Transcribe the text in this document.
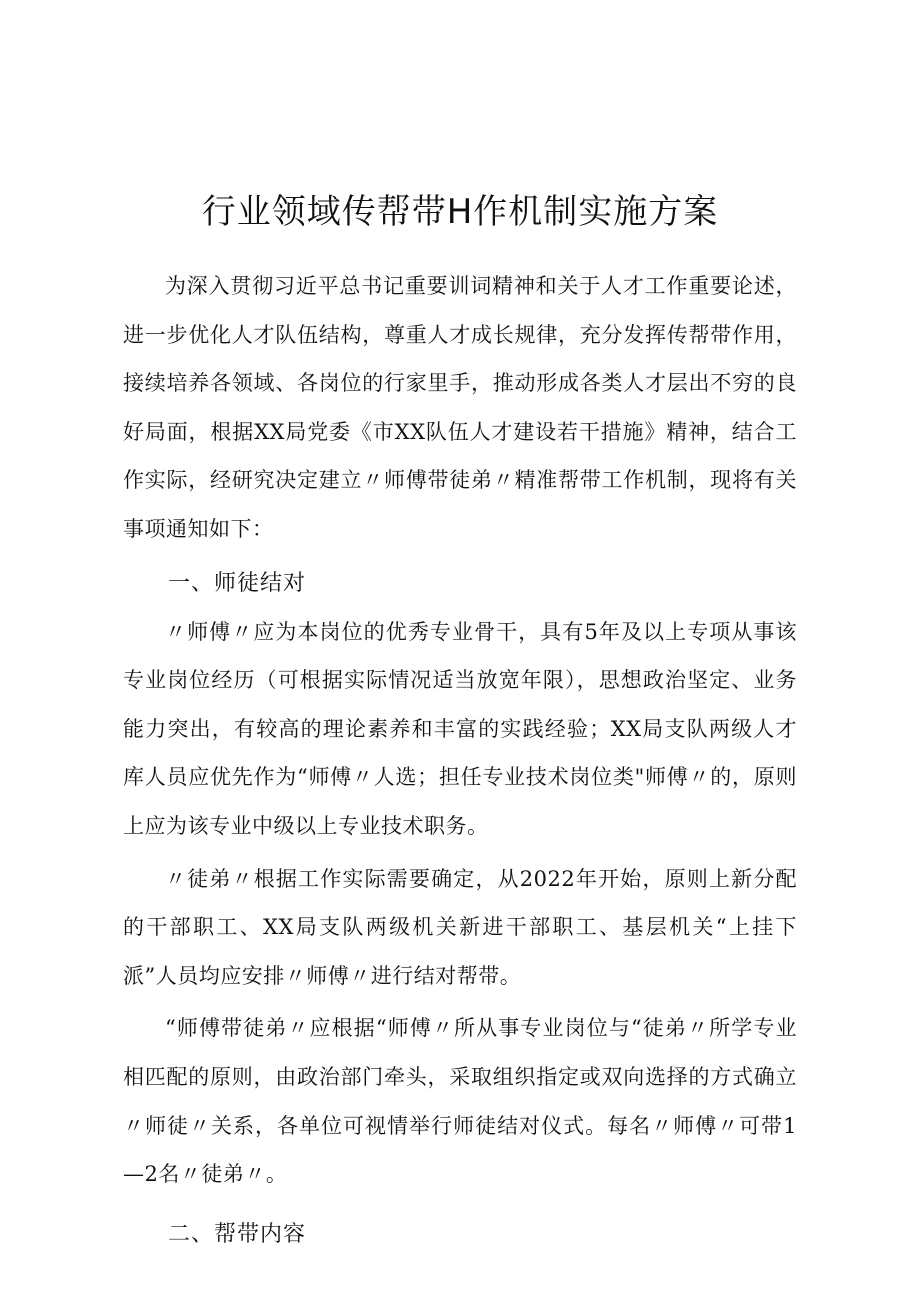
行业领域传帮带H作机制实施方案

为深入贯彻习近平总书记重要训词精神和关于人才工作重要论述，进一步优化人才队伍结构，尊重人才成长规律，充分发挥传帮带作用，接续培养各领域、各岗位的行家里手，推动形成各类人才层出不穷的良好局面，根据XX局党委《市XX队伍人才建设若干措施》精神，结合工作实际，经研究决定建立〃师傅带徒弟〃精准帮带工作机制，现将有关事项通知如下：

一、师徒结对

〃师傅〃应为本岗位的优秀专业骨干，具有5年及以上专项从事该专业岗位经历（可根据实际情况适当放宽年限），思想政治坚定、业务能力突出，有较高的理论素养和丰富的实践经验；XX局支队两级人才库人员应优先作为“师傅〃人选；担任专业技术岗位类"师傅〃的，原则上应为该专业中级以上专业技术职务。

〃徒弟〃根据工作实际需要确定，从2022年开始，原则上新分配的干部职工、XX局支队两级机关新进干部职工、基层机关“上挂下派”人员均应安排〃师傅〃进行结对帮带。

“师傅带徒弟〃应根据“师傅〃所从事专业岗位与“徒弟〃所学专业相匹配的原则，由政治部门牵头，采取组织指定或双向选择的方式确立〃师徒〃关系，各单位可视情举行师徒结对仪式。每名〃师傅〃可带1—2名〃徒弟〃。

二、帮带内容
